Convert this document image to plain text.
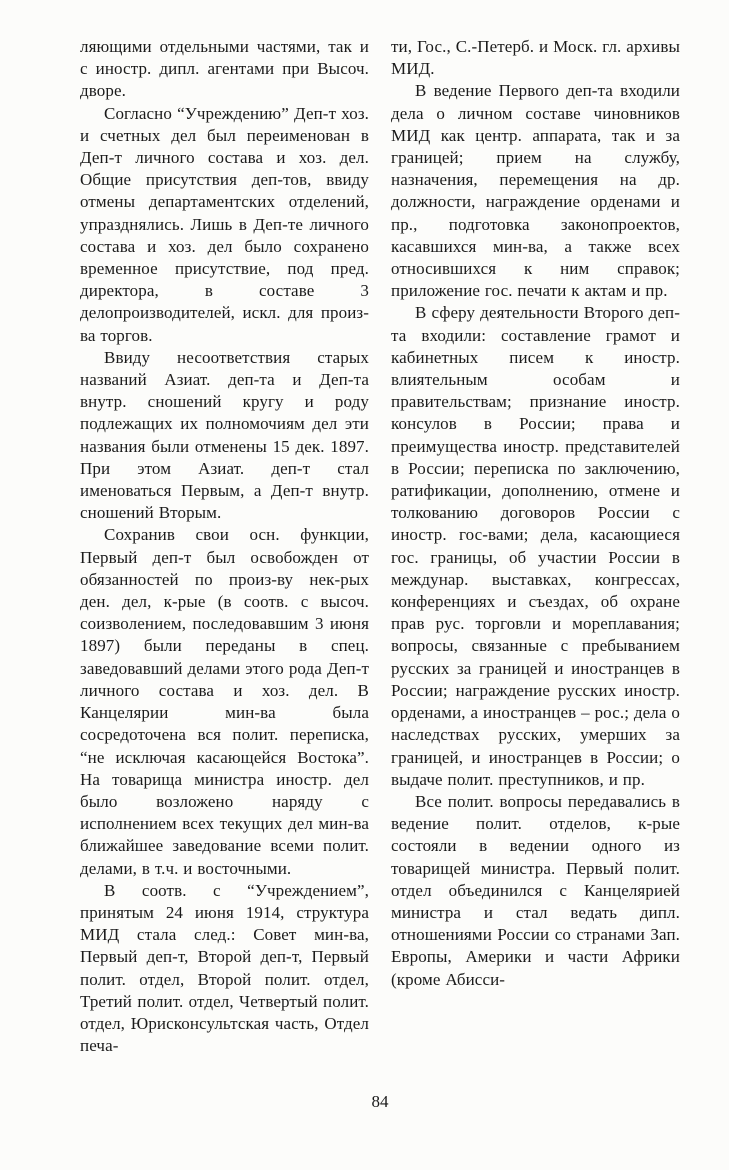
ляющими отдельными частями, так и с иностр. дипл. агентами при Высоч. дворе.

Согласно “Учреждению” Деп-т хоз. и счетных дел был переименован в Деп-т личного состава и хоз. дел. Общие присутствия деп-тов, ввиду отмены департаментских отделений, упразднялись. Лишь в Деп-те личного состава и хоз. дел было сохранено временное присутствие, под пред. директора, в составе 3 делопроизводителей, искл. для произ-ва торгов.

Ввиду несоответствия старых названий Азиат. деп-та и Деп-та внутр. сношений кругу и роду подлежащих их полномочиям дел эти названия были отменены 15 дек. 1897. При этом Азиат. деп-т стал именоваться Первым, а Деп-т внутр. сношений Вторым.

Сохранив свои осн. функции, Первый деп-т был освобожден от обязанностей по произ-ву нек-рых ден. дел, к-рые (в соотв. с высоч. соизволением, последовавшим 3 июня 1897) были переданы в спец. заведовавший делами этого рода Деп-т личного состава и хоз. дел. В Канцелярии мин-ва была сосредоточена вся полит. переписка, “не исключая касающейся Востока”. На товарища министра иностр. дел было возложено наряду с исполнением всех текущих дел мин-ва ближайшее заведование всеми полит. делами, в т.ч. и восточными.

В соотв. с “Учреждением”, принятым 24 июня 1914, структура МИД стала след.: Совет мин-ва, Первый деп-т, Второй деп-т, Первый полит. отдел, Второй полит. отдел, Третий полит. отдел, Четвертый полит. отдел, Юрисконсультская часть, Отдел печа-

ти, Гос., С.-Петерб. и Моск. гл. архивы МИД.

В ведение Первого деп-та входили дела о личном составе чиновников МИД как центр. аппарата, так и за границей; прием на службу, назначения, перемещения на др. должности, награждение орденами и пр., подготовка законопроектов, касавшихся мин-ва, а также всех относившихся к ним справок; приложение гос. печати к актам и пр.

В сферу деятельности Второго деп-та входили: составление грамот и кабинетных писем к иностр. влиятельным особам и правительствам; признание иностр. консулов в России; права и преимущества иностр. представителей в России; переписка по заключению, ратификации, дополнению, отмене и толкованию договоров России с иностр. гос-вами; дела, касающиеся гос. границы, об участии России в междунар. выставках, конгрессах, конференциях и съездах, об охране прав рус. торговли и мореплавания; вопросы, связанные с пребыванием русских за границей и иностранцев в России; награждение русских иностр. орденами, а иностранцев – рос.; дела о наследствах русских, умерших за границей, и иностранцев в России; о выдаче полит. преступников, и пр.

Все полит. вопросы передавались в ведение полит. отделов, к-рые состояли в ведении одного из товарищей министра. Первый полит. отдел объединился с Канцелярией министра и стал ведать дипл. отношениями России со странами Зап. Европы, Америки и части Африки (кроме Абисси-

84
